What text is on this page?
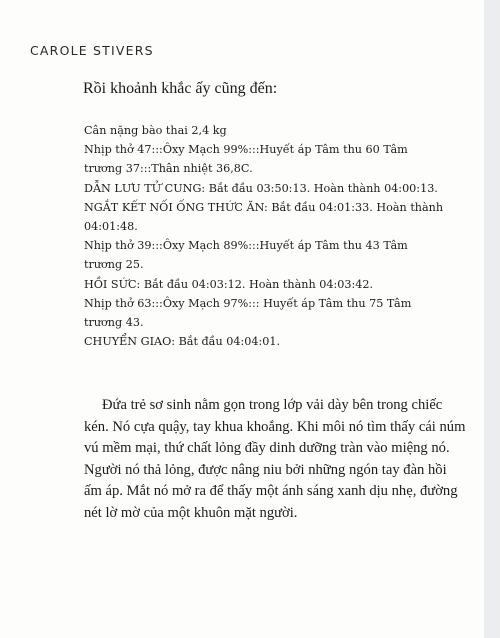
CAROLE STIVERS
Rồi khoảnh khắc ấy cũng đến:
Cân nặng bào thai 2,4 kg
Nhịp thở 47:::Ôxy Mạch 99%:::Huyết áp Tâm thu 60 Tâm
trương 37:::Thân nhiệt 36,8C.
DẪN LƯU TỬ CUNG: Bắt đầu 03:50:13. Hoàn thành 04:00:13.
NGẮT KẾT NỐI ỐNG THỨC ĂN: Bắt đầu 04:01:33. Hoàn thành
04:01:48.
Nhịp thở 39:::Ôxy Mạch 89%:::Huyết áp Tâm thu 43 Tâm
trương 25.
HỒI SỨC: Bắt đầu 04:03:12. Hoàn thành 04:03:42.
Nhịp thở 63:::Ôxy Mạch 97%::: Huyết áp Tâm thu 75 Tâm
trương 43.
CHUYỂN GIAO: Bắt đầu 04:04:01.
Đứa trẻ sơ sinh nằm gọn trong lớp vải dày bên trong chiếc
kén. Nó cựa quậy, tay khua khoắng. Khi môi nó tìm thấy cái núm
vú mềm mại, thứ chất lỏng đầy dinh dưỡng tràn vào miệng nó.
Người nó thả lỏng, được nâng niu bởi những ngón tay đàn hồi
ấm áp. Mắt nó mở ra để thấy một ánh sáng xanh dịu nhẹ, đường
nét lờ mờ của một khuôn mặt người.
